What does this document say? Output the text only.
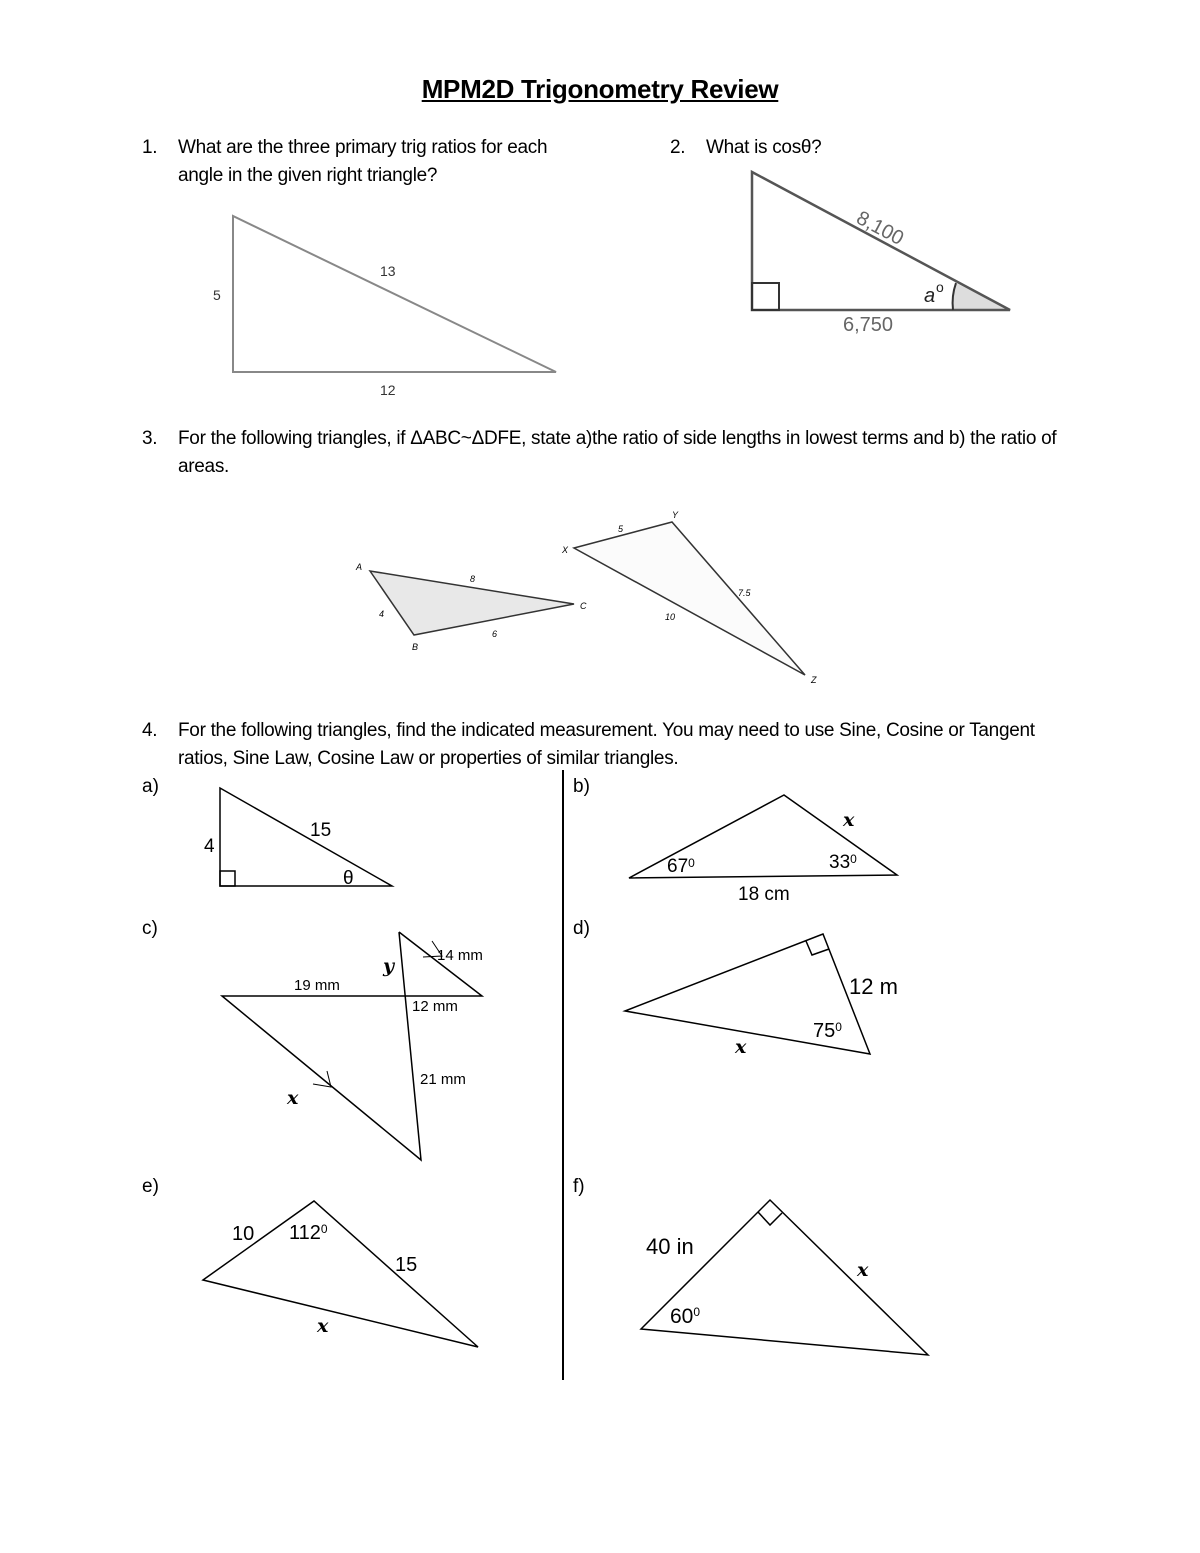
MPM2D Trigonometry Review
1. What are the three primary trig ratios for each
angle in the given right triangle?
2. What is cosθ?
5
13
12
8,100
6,750
a o
3. For the following triangles, if ΔABC~ΔDFE, state a)the ratio of side lengths in lowest terms and b) the ratio of
areas.
A
B
C
4
6
8
X
Y
Z
5
7.5
10
4. For the following triangles, find the indicated measurement. You may need to use Sine, Cosine or Tangent
ratios, Sine Law, Cosine Law or properties of similar triangles.
a)	b)
c)	d)
e)	f)
4
15
θ
$67^0$	$33^0$
18 cm
x
14 mm
19 mm
12 mm
21 mm
y
x
12 m
$75^0$
x
10 $112^0$
15
x
40 in
$60^0$
x
